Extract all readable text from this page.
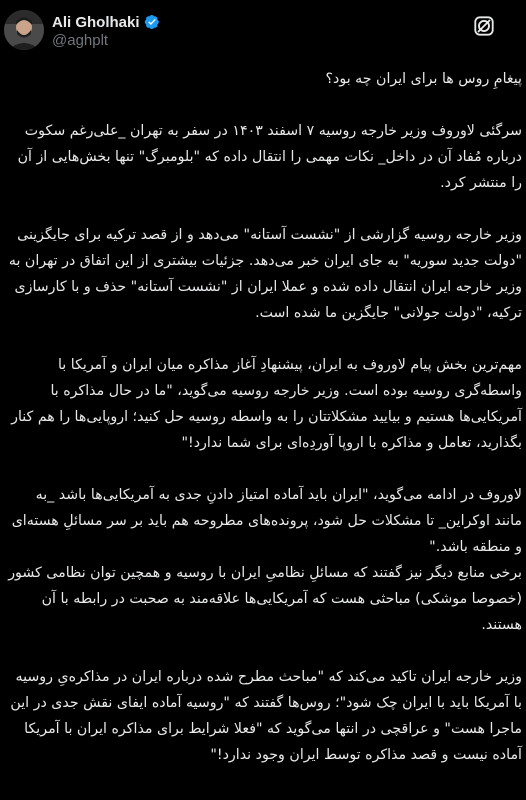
Ali Gholhaki
@aghplt

پیغامِ روس ها برای ایران چه بود؟

سرگئی لاوروف وزیر خارجه روسیه ۷ اسفند ۱۴۰۳ در سفر به تهران _علی‌رغم سکوت درباره مُفاد آن در داخل_ نکات مهمی را انتقال داده که "بلومبرگ" تنها بخش‌هایی از آن را منتشر کرد.

وزیر خارجه روسیه گزارشی از "نشست آستانه" می‌دهد و از قصد ترکیه برای جایگزینی "دولت جدید سوریه" به جای ایران خبر می‌دهد. جزئیات بیشتری از این اتفاق در تهران به وزیر خارجه ایران انتقال داده شده و عملا ایران از "نشست آستانه" حذف و با کارسازی ترکیه، "دولت جولانی" جایگزین ما شده است.

مهم‌ترین بخش پیام لاوروف به ایران، پیشنهادِ آغاز مذاکره میان ایران و آمریکا با واسطه‌گری روسیه بوده است. وزیر خارجه روسیه می‌گوید، "ما در حال مذاکره با آمریکایی‌ها هستیم و بیایید مشکلاتتان را به واسطه روسیه حل کنید؛ اروپایی‌ها را هم کنار بگذارید، تعامل و مذاکره با اروپا آوردِه‌ای برای شما ندارد!"

لاوروف در ادامه می‌گوید، "ایران باید آماده امتیاز دادنِ جدی به آمریکایی‌ها باشد _به مانند اوکراین_ تا مشکلات حل شود، پرونده‌های مطروحه هم باید بر سر مسائلِ هسته‌ای و منطقه باشد."

برخی منابع دیگر نیز گفتند که مسائلِ نظامیِ ایران با روسیه و همچین توان نظامی کشور (خصوصا موشکی) مباحثی هست که آمریکایی‌ها علاقه‌مند به صحبت در رابطه با آن هستند.

وزیر خارجه ایران تاکید می‌کند که "مباحث مطرح شده درباره ایران در مذاکره‌یِ روسیه با آمریکا باید با ایران چک شود"؛ روس‌ها گفتند که "روسیه آماده ایفای نقش جدی در این ماجرا هست" و عراقچی در انتها می‌گوید که "فعلا شرایط برای مذاکره ایران با آمریکا آماده نیست و قصد مذاکره توسط ایران وجود ندارد!"
